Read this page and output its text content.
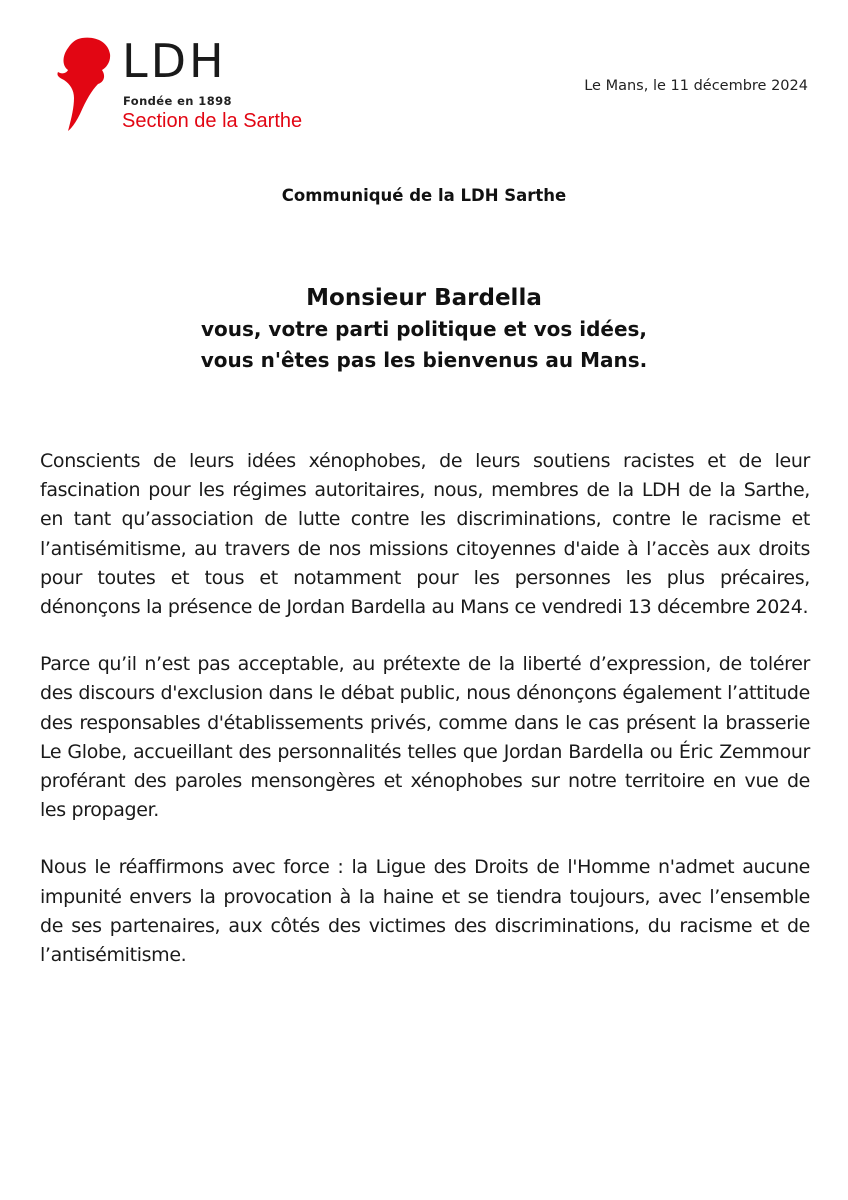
LDH
Fondée en 1898
Section de la Sarthe
Le Mans, le 11 décembre 2024
Communiqué de la LDH Sarthe
Monsieur Bardella
vous, votre parti politique et vos idées,
vous n'êtes pas les bienvenus au Mans.

Conscients de leurs idées xénophobes, de leurs soutiens racistes et de leur fascination pour les régimes autoritaires, nous, membres de la LDH de la Sarthe, en tant qu’association de lutte contre les discriminations, contre le racisme et l’antisémitisme, au travers de nos missions citoyennes d'aide à l’accès aux droits pour toutes et tous et notamment pour les personnes les plus précaires, dénonçons la présence de Jordan Bardella au Mans ce vendredi 13 décembre 2024.

Parce qu’il n’est pas acceptable, au prétexte de la liberté d’expression, de tolérer des discours d'exclusion dans le débat public, nous dénonçons également l’attitude des responsables d'établissements privés, comme dans le cas présent la brasserie Le Globe, accueillant des personnalités telles que Jordan Bardella ou Éric Zemmour proférant des paroles mensongères et xénophobes sur notre territoire en vue de les propager.

Nous le réaffirmons avec force : la Ligue des Droits de l'Homme n'admet aucune impunité envers la provocation à la haine et se tiendra toujours, avec l’ensemble de ses partenaires, aux côtés des victimes des discriminations, du racisme et de l’antisémitisme.
